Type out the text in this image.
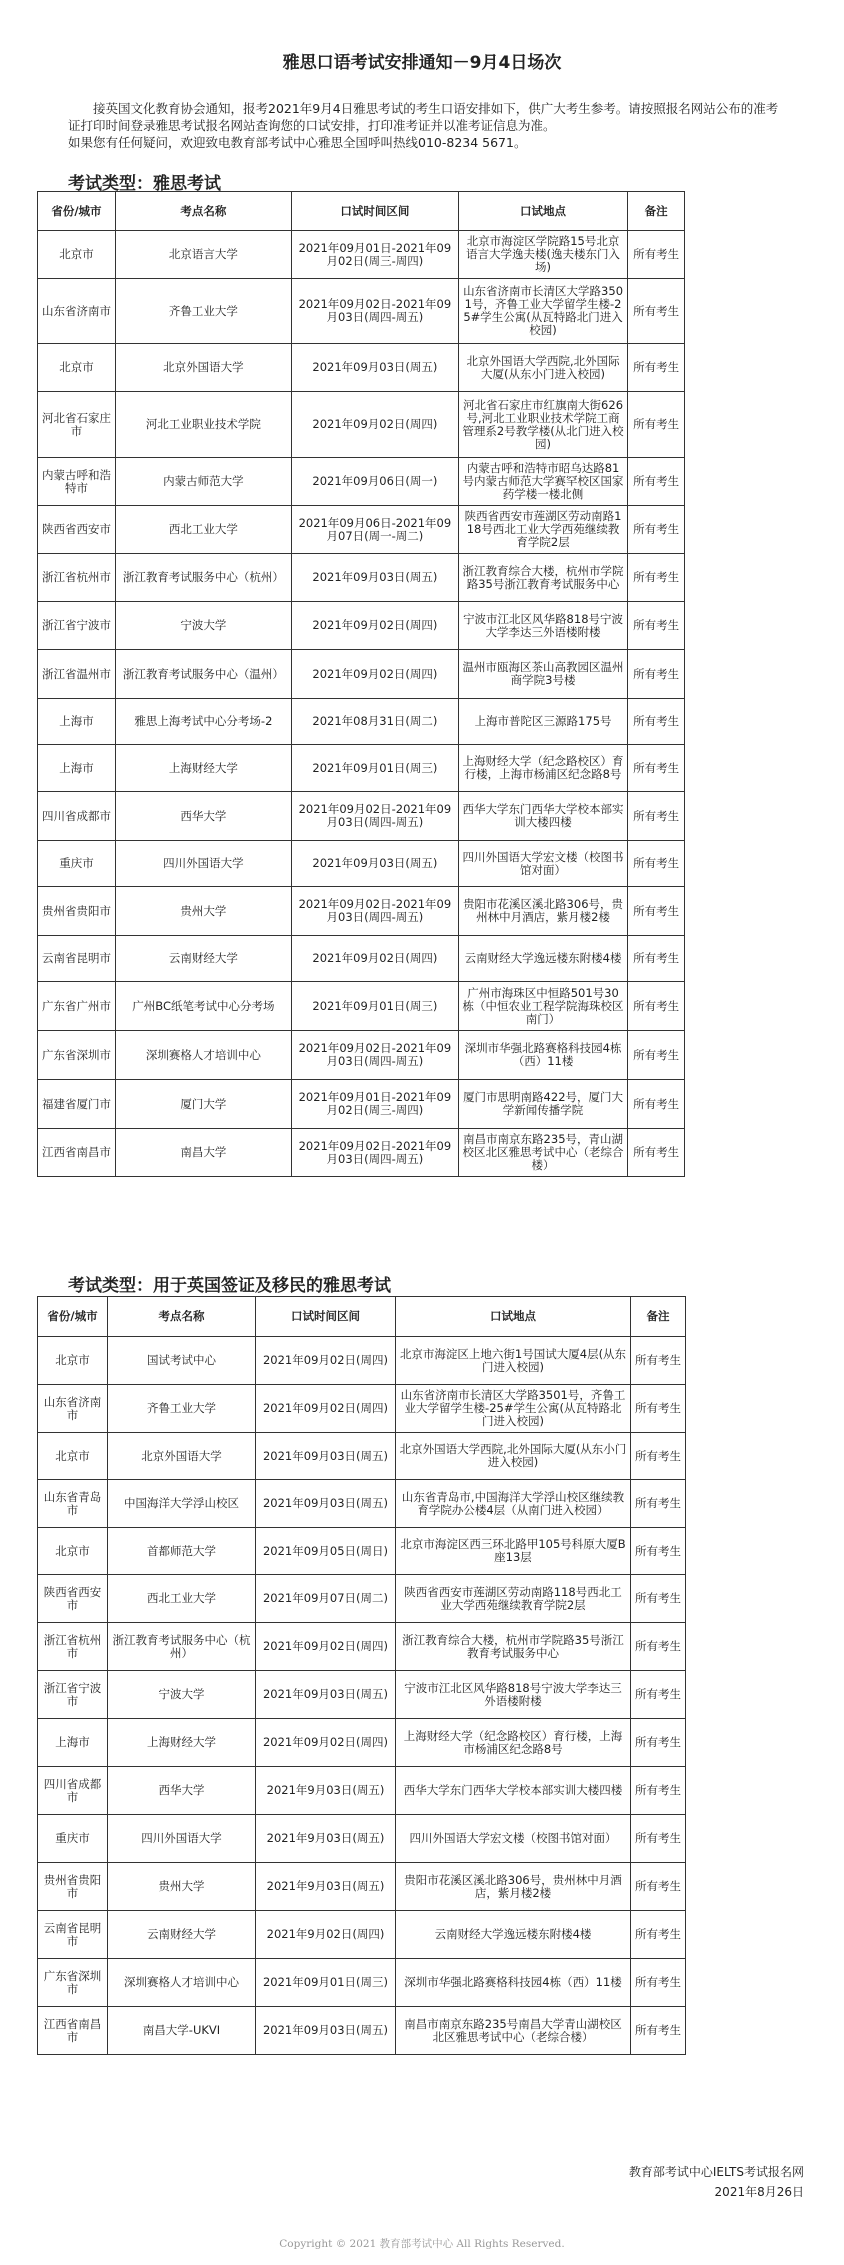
雅思口语考试安排通知－9月4日场次

接英国文化教育协会通知，报考2021年9月4日雅思考试的考生口语安排如下，供广大考生参考。请按照报名网站公布的准考证打印时间登录雅思考试报名网站查询您的口试安排，打印准考证并以准考证信息为准。

如果您有任何疑问，欢迎致电教育部考试中心雅思全国呼叫热线010-8234 5671。

考试类型：雅思考试
省份/城市	考点名称	口试时间区间	口试地点	备注
北京市	北京语言大学	2021年09月01日-2021年09月02日(周三-周四)	北京市海淀区学院路15号北京语言大学逸夫楼(逸夫楼东门入场)	所有考生
山东省济南市	齐鲁工业大学	2021年09月02日-2021年09月03日(周四-周五)	山东省济南市长清区大学路3501号，齐鲁工业大学留学生楼-25#学生公寓(从瓦特路北门进入校园)	所有考生
北京市	北京外国语大学	2021年09月03日(周五)	北京外国语大学西院,北外国际大厦(从东小门进入校园)	所有考生
河北省石家庄市	河北工业职业技术学院	2021年09月02日(周四)	河北省石家庄市红旗南大街626号,河北工业职业技术学院工商管理系2号教学楼(从北门进入校园)	所有考生
内蒙古呼和浩特市	内蒙古师范大学	2021年09月06日(周一)	内蒙古呼和浩特市昭乌达路81号内蒙古师范大学赛罕校区国家药学楼一楼北侧	所有考生
陕西省西安市	西北工业大学	2021年09月06日-2021年09月07日(周一-周二)	陕西省西安市莲湖区劳动南路118号西北工业大学西苑继续教育学院2层	所有考生
浙江省杭州市	浙江教育考试服务中心（杭州）	2021年09月03日(周五)	浙江教育综合大楼，杭州市学院路35号浙江教育考试服务中心	所有考生
浙江省宁波市	宁波大学	2021年09月02日(周四)	宁波市江北区风华路818号宁波大学李达三外语楼附楼	所有考生
浙江省温州市	浙江教育考试服务中心（温州）	2021年09月02日(周四)	温州市瓯海区茶山高教园区温州商学院3号楼	所有考生
上海市	雅思上海考试中心分考场-2	2021年08月31日(周二)	上海市普陀区三源路175号	所有考生
上海市	上海财经大学	2021年09月01日(周三)	上海财经大学（纪念路校区）育行楼，上海市杨浦区纪念路8号	所有考生
四川省成都市	西华大学	2021年09月02日-2021年09月03日(周四-周五)	西华大学东门西华大学校本部实训大楼四楼	所有考生
重庆市	四川外国语大学	2021年09月03日(周五)	四川外国语大学宏文楼（校图书馆对面）	所有考生
贵州省贵阳市	贵州大学	2021年09月02日-2021年09月03日(周四-周五)	贵阳市花溪区溪北路306号，贵州林中月酒店，紫月楼2楼	所有考生
云南省昆明市	云南财经大学	2021年09月02日(周四)	云南财经大学逸远楼东附楼4楼	所有考生
广东省广州市	广州BC纸笔考试中心分考场	2021年09月01日(周三)	广州市海珠区中恒路501号30栋（中恒农业工程学院海珠校区南门）	所有考生
广东省深圳市	深圳赛格人才培训中心	2021年09月02日-2021年09月03日(周四-周五)	深圳市华强北路赛格科技园4栋（西）11楼	所有考生
福建省厦门市	厦门大学	2021年09月01日-2021年09月02日(周三-周四)	厦门市思明南路422号，厦门大学新闻传播学院	所有考生
江西省南昌市	南昌大学	2021年09月02日-2021年09月03日(周四-周五)	南昌市南京东路235号，青山湖校区北区雅思考试中心（老综合楼）	所有考生
考试类型：用于英国签证及移民的雅思考试
省份/城市	考点名称	口试时间区间	口试地点	备注
北京市	国试考试中心	2021年09月02日(周四)	北京市海淀区上地六街1号国试大厦4层(从东门进入校园)	所有考生
山东省济南市	齐鲁工业大学	2021年09月02日(周四)	山东省济南市长清区大学路3501号，齐鲁工业大学留学生楼-25#学生公寓(从瓦特路北门进入校园)	所有考生
北京市	北京外国语大学	2021年09月03日(周五)	北京外国语大学西院,北外国际大厦(从东小门进入校园)	所有考生
山东省青岛市	中国海洋大学浮山校区	2021年09月03日(周五)	山东省青岛市,中国海洋大学浮山校区继续教育学院办公楼4层（从南门进入校园）	所有考生
北京市	首都师范大学	2021年09月05日(周日)	北京市海淀区西三环北路甲105号科原大厦B座13层	所有考生
陕西省西安市	西北工业大学	2021年09月07日(周二)	陕西省西安市莲湖区劳动南路118号西北工业大学西苑继续教育学院2层	所有考生
浙江省杭州市	浙江教育考试服务中心（杭州）	2021年09月02日(周四)	浙江教育综合大楼，杭州市学院路35号浙江教育考试服务中心	所有考生
浙江省宁波市	宁波大学	2021年09月03日(周五)	宁波市江北区风华路818号宁波大学李达三外语楼附楼	所有考生
上海市	上海财经大学	2021年09月02日(周四)	上海财经大学（纪念路校区）育行楼，上海市杨浦区纪念路8号	所有考生
四川省成都市	西华大学	2021年9月03日(周五)	西华大学东门西华大学校本部实训大楼四楼	所有考生
重庆市	四川外国语大学	2021年9月03日(周五)	四川外国语大学宏文楼（校图书馆对面）	所有考生
贵州省贵阳市	贵州大学	2021年9月03日(周五)	贵阳市花溪区溪北路306号，贵州林中月酒店，紫月楼2楼	所有考生
云南省昆明市	云南财经大学	2021年9月02日(周四)	云南财经大学逸远楼东附楼4楼	所有考生
广东省深圳市	深圳赛格人才培训中心	2021年09月01日(周三)	深圳市华强北路赛格科技园4栋（西）11楼	所有考生
江西省南昌市	南昌大学-UKVI	2021年09月03日(周五)	南昌市南京东路235号南昌大学青山湖校区北区雅思考试中心（老综合楼）	所有考生
教育部考试中心IELTS考试报名网
2021年8月26日
Copyright © 2021 教育部考试中心 All Rights Reserved.
